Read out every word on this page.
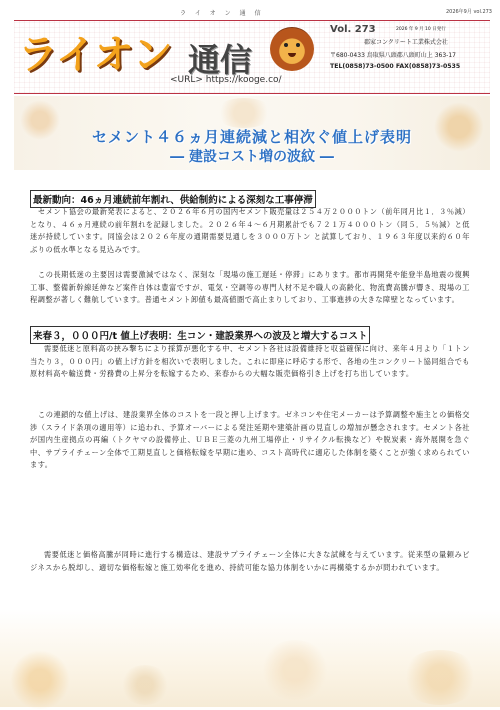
ライオン通信	2026年9月 vol.273
ライオン 通信
<URL> https://kooge.co/
Vol. 273	2026 年 9 月 10 日発行
郡家コンクリート工業株式会社
〒680-0433 鳥取県八頭郡八頭町山上 363-17
TEL(0858)73-0500 FAX(0858)73-0535
セメント４６ヵ月連続減と相次ぐ値上げ表明
― 建設コスト増の波紋 ―
最新動向：46ヵ月連続前年割れ、供給制約による深刻な工事停滞
セメント協会の最新発表によると、２０２６年６月の国内セメント販売量は２５４万２０００トン（前年同月比１．３％減）となり、４６ヵ月連続の前年割れを記録しました。２０２６年４～６月期累計でも７２１万４０００トン（同５．５％減）と低迷が持続しています。同協会は２０２６年度の通期需要見通しを３０００万トン と試算しており、１９６３年度以来約６０年ぶりの低水準となる見込みです。
この長期低迷の主要因は需要激減ではなく、深刻な「現場の施工遅延・停滞」にあります。都市再開発や能登半島地震の復興工事、整備新幹線延伸など案件自体は豊富ですが、電気・空調等の専門人材不足や職人の高齢化、物流費高騰が響き、現場の工程調整が著しく難航しています。普通セメント卸値も最高値圏で高止まりしており、工事進捗の大きな障壁となっています。
来春３，０００円/t 値上げ表明：生コン・建設業界への波及と増大するコスト
需要低迷と原料高の挟み撃ちにより採算が悪化する中、セメント各社は設備維持と収益確保に向け、来年４月より「１トン当たり３，０００円」の値上げ方針を相次いで表明しました。これに即座に呼応する形で、各地の生コンクリート協同組合でも原材料高や輸送費・労務費の上昇分を転嫁するため、来春からの大幅な販売価格引き上げを打ち出しています。
この連鎖的な値上げは、建設業界全体のコストを一段と押し上げます。ゼネコンや住宅メーカーは予算調整や施主との価格交渉（スライド条項の適用等）に追われ、予算オーバーによる発注延期や建築計画の見直しの増加が懸念されます。セメント各社が国内生産拠点の再編（トクヤマの設備停止、ＵＢＥ三菱の九州工場停止・リサイクル転換など）や脱炭素・海外展開を急ぐ中、サプライチェーン全体で工期見直しと価格転嫁を早期に進め、コスト高時代に適応した体制を築くことが強く求められています。
需要低迷と価格高騰が同時に進行する構造は、建設サプライチェーン全体に大きな試練を与えています。従来型の量頼みビジネスから脱却し、適切な価格転嫁と施工効率化を進め、持続可能な協力体制をいかに再構築するかが問われています。
